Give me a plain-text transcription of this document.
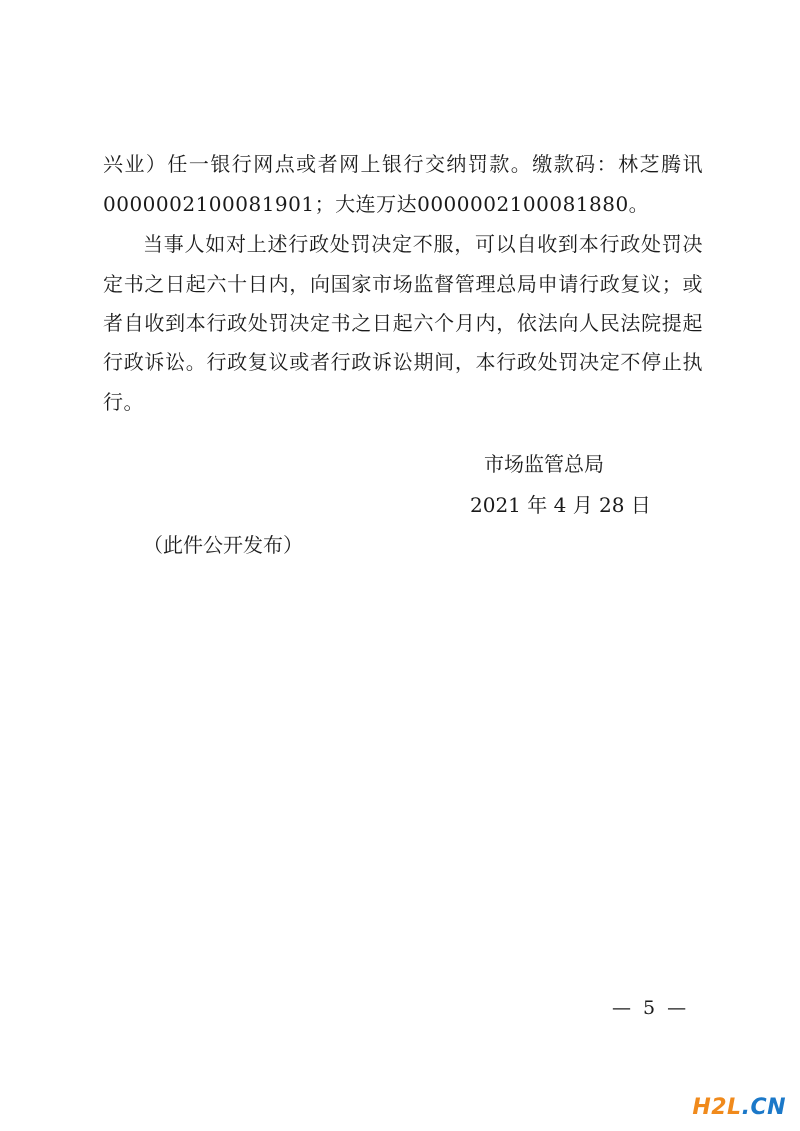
兴业）任一银行网点或者网上银行交纳罚款。缴款码：林芝腾讯
0000002100081901；大连万达0000002100081880。
当事人如对上述行政处罚决定不服，可以自收到本行政处罚决
定书之日起六十日内，向国家市场监督管理总局申请行政复议；或
者自收到本行政处罚决定书之日起六个月内，依法向人民法院提起
行政诉讼。行政复议或者行政诉讼期间，本行政处罚决定不停止执
行。
市场监管总局
2021 年 4 月 28 日
（此件公开发布）
— 5 —
H2L.CN
